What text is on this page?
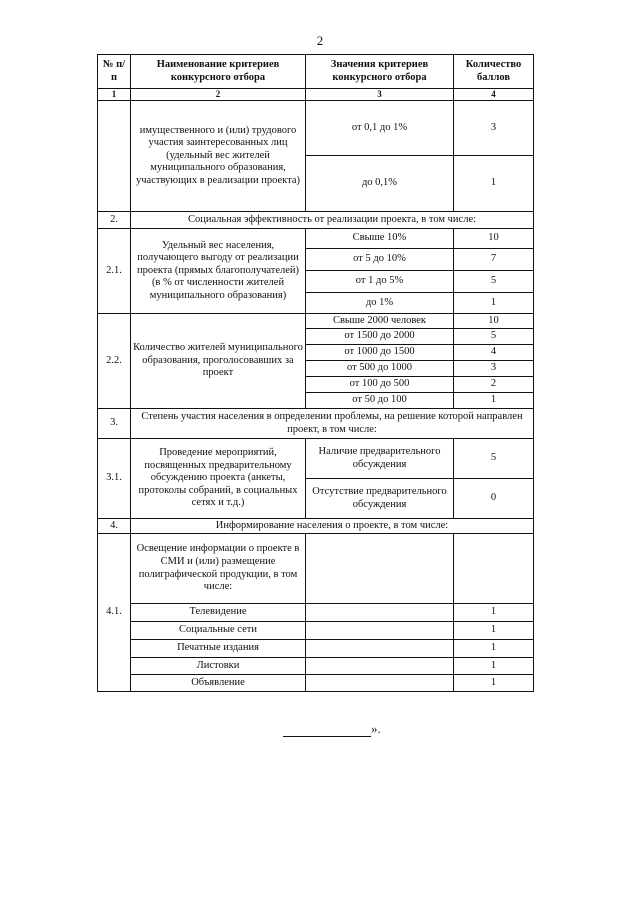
2
№ п/п	Наименование критериев конкурсного отбора	Значения критериев конкурсного отбора	Количество баллов
1	2	3	4
	имущественного и (или) трудового участия заинтересованных лиц (удельный вес жителей муниципального образования, участвующих в реализации проекта)	от 0,1 до 1%	3
		до 0,1%	1
2.	Социальная эффективность от реализации проекта, в том числе:		
2.1.	Удельный вес населения, получающего выгоду от реализации проекта (прямых благополучателей) (в % от численности жителей муниципального образования)	Свыше 10%	10
		от 5 до 10%	7
		от 1 до 5%	5
		до 1%	1
2.2.	Количество жителей муниципального образования, проголосовавших за проект	Свыше 2000 человек	10
		от 1500 до 2000	5
		от 1000 до 1500	4
		от 500 до 1000	3
		от 100 до 500	2
		от 50 до 100	1
3.	Степень участия населения в определении проблемы, на решение которой направлен проект, в том числе:		
3.1.	Проведение мероприятий, посвященных предварительному обсуждению проекта (анкеты, протоколы собраний, в социальных сетях и т.д.)	Наличие предварительного обсуждения	5
		Отсутствие предварительного обсуждения	0
4.	Информирование населения о проекте, в том числе:		
4.1.	Освещение информации о проекте в СМИ и (или) размещение полиграфической продукции, в том числе:		
	Телевидение		1
	Социальные сети		1
	Печатные издания		1
	Листовки		1
	Объявление		1
».
